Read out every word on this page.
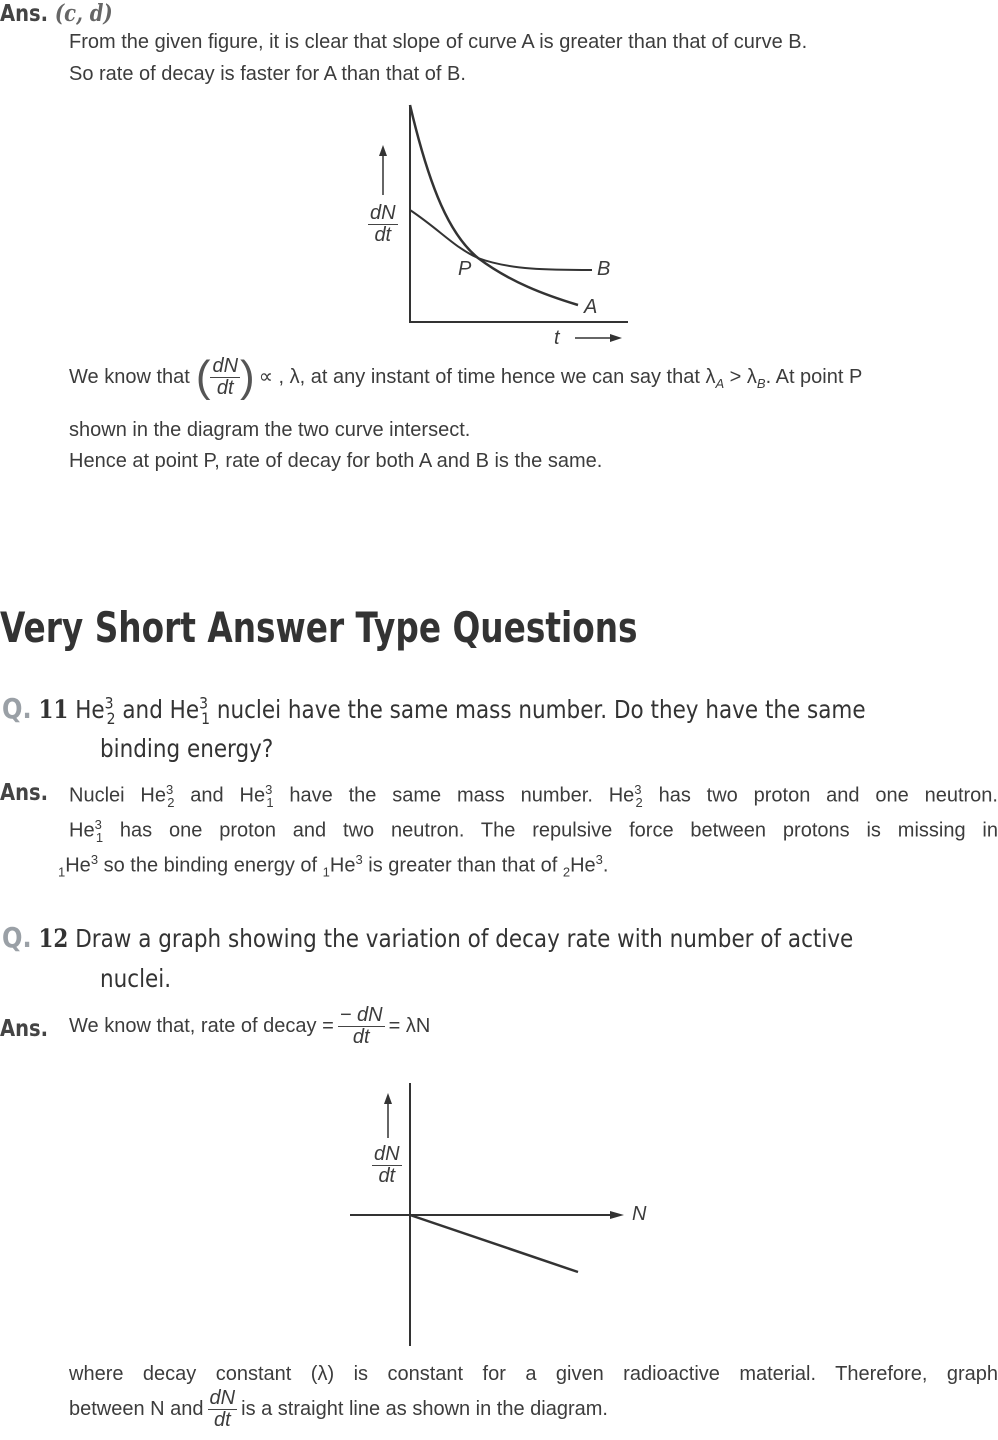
Ans. (c, d)
From the given figure, it is clear that slope of curve A is greater than that of curve B.
So rate of decay is faster for A than that of B.
$\frac{dN}{dt}$
P	B
A
t
We know that ( $\frac{dN}{dt}$ ) ∝ , λ, at any instant of time hence we can say that $\lambda_A > \lambda_B$. At point P
shown in the diagram the two curve intersect.
Hence at point P, rate of decay for both A and B is the same.
Very Short Answer Type Questions
Q. 11 $He^3_2$ and $He^3_1$ nuclei have the same mass number. Do they have the same
binding energy?
Ans. Nuclei $He^3_2$ and $He^3_1$ have the same mass number. $He^3_2$ has two proton and one neutron.
$He^3_1$ has one proton and two neutron. The repulsive force between protons is missing in
$_1He^3$ so the binding energy of $_1He^3$ is greater than that of $_2He^3$.
Q. 12 Draw a graph showing the variation of decay rate with number of active
nuclei.
Ans. We know that, rate of decay = $\frac{- dN}{dt} = \lambda N$
$\frac{dN}{dt}$
N
where decay constant (λ) is constant for a given radioactive material. Therefore, graph
between N and $\frac{dN}{dt}$ is a straight line as shown in the diagram.
